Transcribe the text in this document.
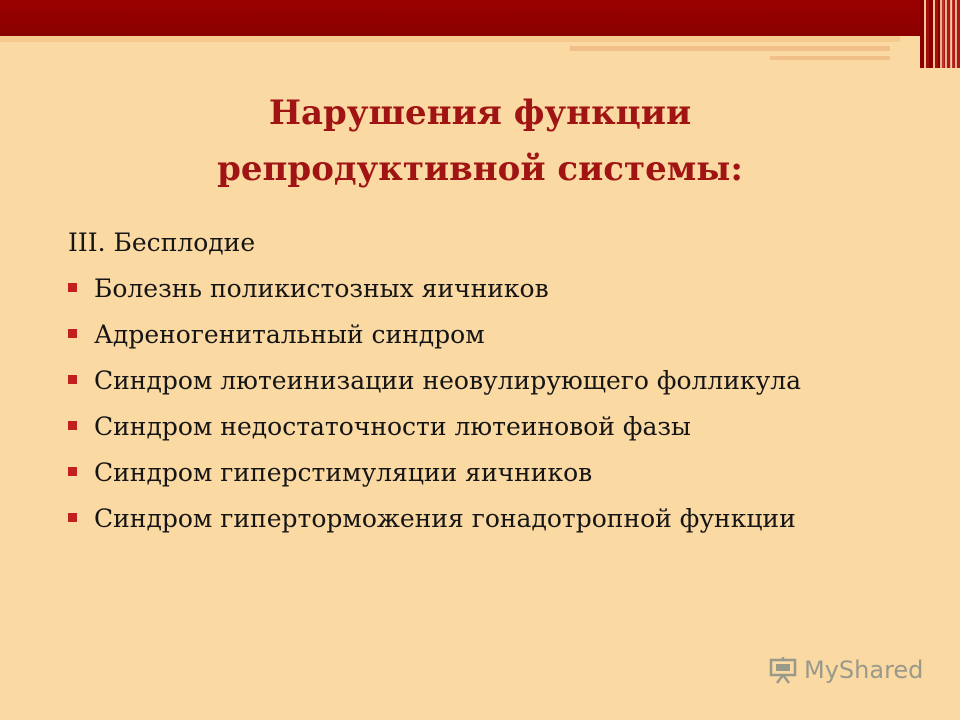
Нарушения функции
репродуктивной системы:
III. Бесплодие
Болезнь поликистозных яичников
Адреногенитальный синдром
Синдром лютеинизации неовулирующего фолликула
Синдром недостаточности лютеиновой фазы
Синдром гиперстимуляции яичников
Синдром гиперторможения гонадотропной функции
MyShared
